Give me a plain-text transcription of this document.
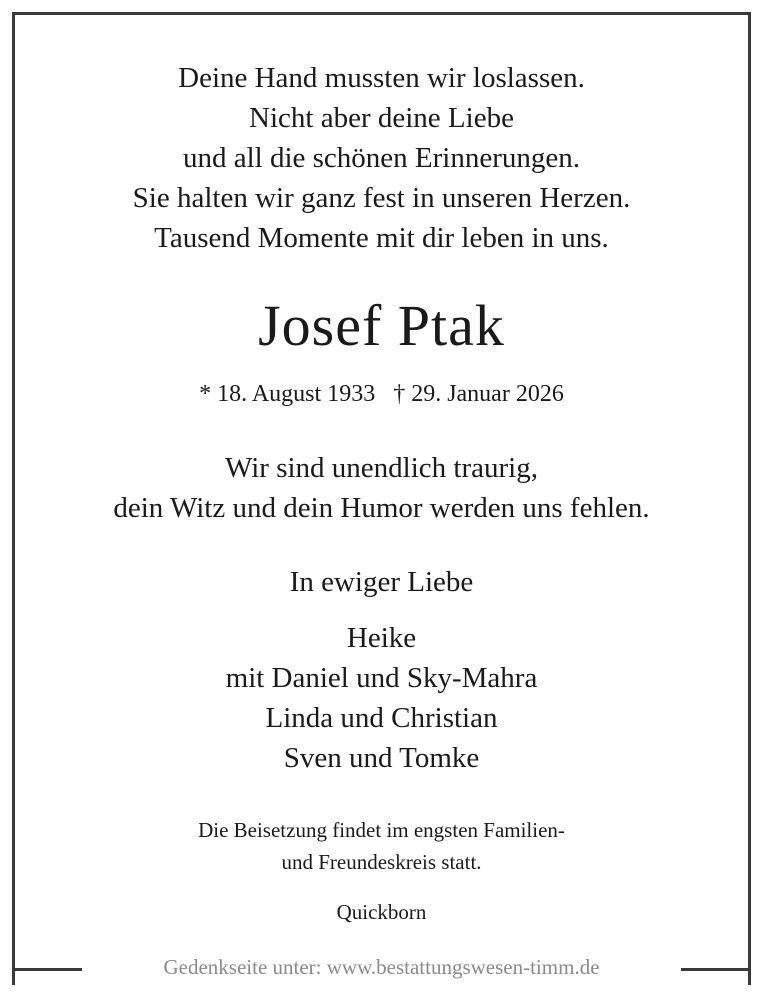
Deine Hand mussten wir loslassen.
Nicht aber deine Liebe
und all die schönen Erinnerungen.
Sie halten wir ganz fest in unseren Herzen.
Tausend Momente mit dir leben in uns.
Josef Ptak
* 18. August 1933 † 29. Januar 2026
Wir sind unendlich traurig,
dein Witz und dein Humor werden uns fehlen.
In ewiger Liebe
Heike
mit Daniel und Sky-Mahra
Linda und Christian
Sven und Tomke
Die Beisetzung findet im engsten Familien-
und Freundeskreis statt.
Quickborn
Gedenkseite unter: www.bestattungswesen-timm.de
